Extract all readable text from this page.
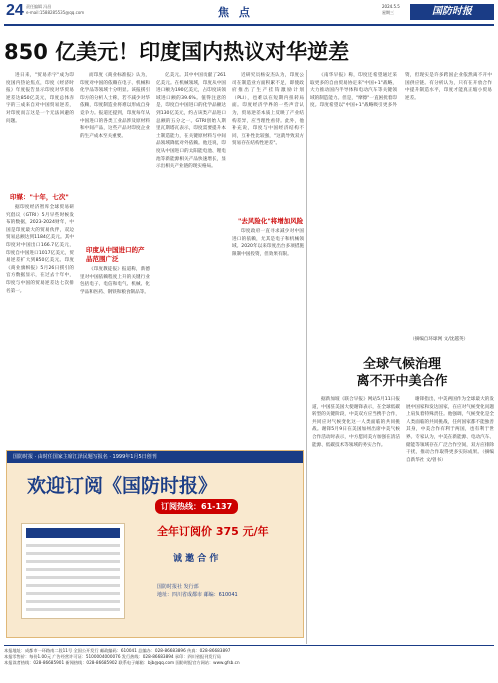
24 责任编辑 冯昌
e-mail:1588285535@qq.com	焦 点	2024.5.5
星期三	国防时报
850 亿美元！印度国内热议对华逆差
进日来，"贸易赤字"成为印度国内热论焦点，印度《经济时报》年度报告显示印度对华贸易逆差达850亿美元，印度总体赤字的三成来自对中国贸易逆差，对印度而言这是一个无法回避的问题。
印媒："十年，七次"
据印度经济智库全球贸易研究倡议（GTRI）5月早些时候发布的数据，2023-2024财年，中国是印度最大的贸易伙伴，双边贸易总额达到1184亿美元。其中印度对中国出口166.7亿美元，印度自中国进口1017亿美元，贸易逆差扩大到850亿美元。印度《商业旗帜报》5月26日援引的官方数据显示，在过去十年中，印度与中国的贸易逆差达七次排名第一。
而印度《商业标准报》认为，印度对中国的依赖在电子、机械和化学品等领域十分明显。该报援引印方的分析人士称，若不减少对华依赖，印度制造业将难以形成自身竞争力。报道还提到，印度每年从中国进口的各类工业品涉及原材料和中间产品，这些产品对印度企业的生产成本至关重要。
印度从中国进口的产品范围广泛
《印度教徒报》报道称，新德里对中国依赖程度上升的关键行业包括电子、电信和电气、机械、化学品和医药、钢铁和粮食制品等。
亿美元。其中中国贡献了261亿美元。在机械领域，印度从中国进口额为190亿美元，占印度该领域进口额的39.6%。值得注意的是，印度自中国进口的化学品额达到130亿美元，约占该类产品进口总额的五分之一。GTRI创始人斯里瓦斯塔瓦表示，印度需要提升本土制造能力，在关键原材料与中间品领域降低对外依赖。他还说，印度从中国进口的太阳能电池、锂电池等新能源相关产品快速增长，显示出相关产业链的现实格局。
近研究员杨安杰认为，印度公司在制造业方面积累不足，即使政府推出了生产挂钩激励计划（PLI），也难以在短期内扭转局面。印度经济学界的一些声音认为，贸易逆差本质上反映了产业结构差异，应当理性看待。此外，他补充说，印度与中国经济结构不同，互补性比较强，"这就导致双方贸易存在结构性逆差"。
"去风险化"将增加风险
印度政府一直寻求减少对中国进口的依赖，尤其是电子和机械领域。2020年以来印度出台多项措施限制中国投资，但效果有限。
《南华早报》称，印度还希望通过采取更多的自由贸易协定来"中国+1"战略，大力推动国内半导体和电动汽车等关键领域的制造能力。但是，"摩擦"一直困扰着印度。印度希望以"中国+1"战略吸引更多外资，但现实是许多跨国企业依然离不开中国供应链。有分析认为，只有在开放合作中提升制造水平，印度才能真正缩小贸易逆差。
（摘编自环球网 文/沈越英）
全球气候治理
离不开中美合作
据新加坡《联合早报》网站5月11日报道，中国驻美国大使谢锋表示，在全球低碳转型的关键阶段，中美双方应当携手合作，共同应对气候变化这一人类面临的共同挑战。谢锋5月9日在美国加州出席中美气候合作活动时表示，中方愿同美方加强在清洁能源、低碳技术等领域的务实合作。
谢锋指出，中美两国作为全球最大的发展中国家和发达国家，在应对气候变化问题上肩负着特殊责任。他强调，气候变化是全人类面临的共同挑战，任何国家都不能独善其身，中美合作有利于两国，也有利于世界。专家认为，中美在新能源、电动汽车、储能等领域存在广泛合作空间，双方应排除干扰，推动合作取得更多实际成果。（摘编自新华社 文/曾书）
国防时报 · 由时任国家主席江泽民题写报名 · 1999年1月5日创刊
欢迎订阅《国防时报》
订阅热线：61-137
全年订阅价 375 元/年
诚 邀 合 作
国防时报社 发行部
地址：四川省成都市 邮编：610041
本报地址：成都市一环路南二段11号 全国公开发行 邮政编码：610041 总编办：028-86683896 传真：028-86683897
本报零售价：每份1.00元 广告经营许可证：5100004000076 发行热线：028-86683894 承印：四川省报刊发行局
本报读者热线：028-86685901 新闻热线：028-86685902 联系电子邮箱：bjb@qq.com 国防时报官方网站：www.gfsb.cn
